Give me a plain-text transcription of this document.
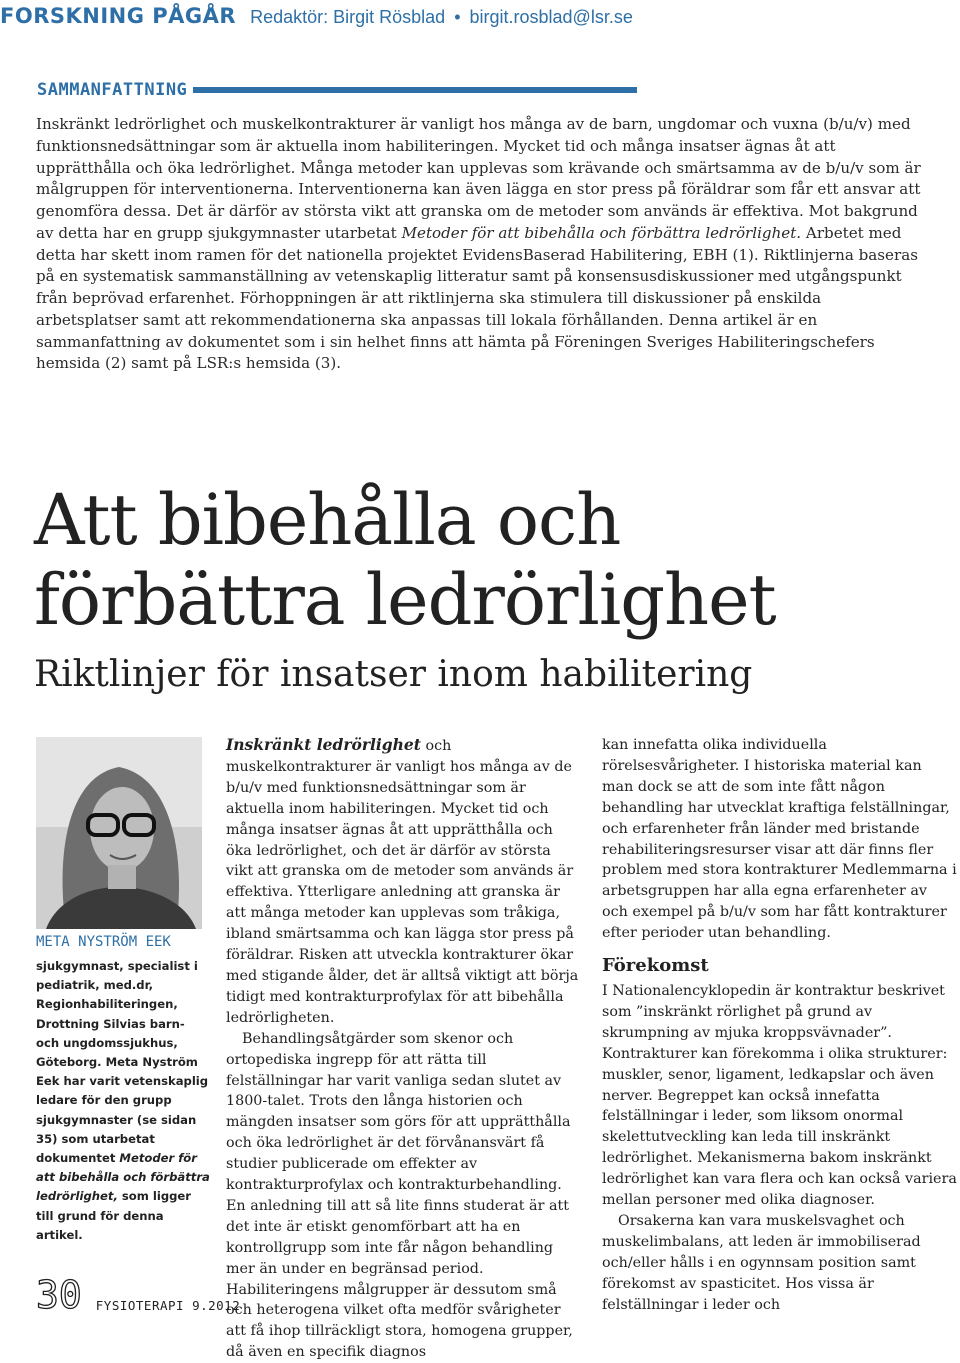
FORSKNING PÅGÅR Redaktör: Birgit Rösblad • birgit.rosblad@lsr.se
SAMMANFATTNING
Inskränkt ledrörlighet och muskelkontrakturer är vanligt hos många av de barn, ungdomar och vuxna (b/u/v) med funktionsnedsättningar som är aktuella inom habiliteringen. Mycket tid och många insatser ägnas åt att upprätthålla och öka ledrörlighet. Många metoder kan upplevas som krävande och smärtsamma av de b/u/v som är målgruppen för interventionerna. Interventionerna kan även lägga en stor press på föräldrar som får ett ansvar att genomföra dessa. Det är därför av största vikt att granska om de metoder som används är effektiva. Mot bakgrund av detta har en grupp sjukgymnaster utarbetat Metoder för att bibehålla och förbättra ledrörlighet. Arbetet med detta har skett inom ramen för det nationella projektet EvidensBaserad Habilitering, EBH (1). Riktlinjerna baseras på en systematisk sammanställning av vetenskaplig litteratur samt på konsensusdiskussioner med utgångspunkt från beprövad erfarenhet. Förhoppningen är att riktlinjerna ska stimulera till diskussioner på enskilda arbetsplatser samt att rekommendationerna ska anpassas till lokala förhållanden. Denna artikel är en sammanfattning av dokumentet som i sin helhet finns att hämta på Föreningen Sveriges Habiliteringschefers hemsida (2) samt på LSR:s hemsida (3).
Att bibehålla och
förbättra ledrörlighet
Riktlinjer för insatser inom habilitering
META NYSTRÖM EEK
sjukgymnast, specialist i pediatrik, med.dr, Regionhabiliteringen, Drottning Silvias barn- och ungdomssjukhus, Göteborg. Meta Nyström Eek har varit vetenskaplig ledare för den grupp sjukgymnaster (se sidan 35) som utarbetat dokumentet Metoder för att bibehålla och förbättra ledrörlighet, som ligger till grund för denna artikel.

Inskränkt ledrörlighet och muskelkontrakturer är vanligt hos många av de b/u/v med funktionsnedsättningar som är aktuella inom habiliteringen. Mycket tid och många insatser ägnas åt att upprätthålla och öka ledrörlighet, och det är därför av största vikt att granska om de metoder som används är effektiva. Ytterligare anledning att granska är att många metoder kan upplevas som tråkiga, ibland smärtsamma och kan lägga stor press på föräldrar. Risken att utveckla kontrakturer ökar med stigande ålder, det är alltså viktigt att börja tidigt med kontrakturprofylax för att bibehålla ledrörligheten.

Behandlingsåtgärder som skenor och ortopediska ingrepp för att rätta till felställningar har varit vanliga sedan slutet av 1800-talet. Trots den långa historien och mängden insatser som görs för att upprätthålla och öka ledrörlighet är det förvånansvärt få studier publicerade om effekter av kontrakturprofylax och kontrakturbehandling. En anledning till att så lite finns studerat är att det inte är etiskt genomförbart att ha en kontrollgrupp som inte får någon behandling mer än under en begränsad period. Habiliteringens målgrupper är dessutom små och heterogena vilket ofta medför svårigheter att få ihop tillräckligt stora, homogena grupper, då även en specifik diagnos

kan innefatta olika individuella rörelsesvårigheter. I historiska material kan man dock se att de som inte fått någon behandling har utvecklat kraftiga felställningar, och erfarenheter från länder med bristande rehabiliteringsresurser visar att där finns fler problem med stora kontrakturer Medlemmarna i arbetsgruppen har alla egna erfarenheter av och exempel på b/u/v som har fått kontrakturer efter perioder utan behandling.

Förekomst

I Nationalencyklopedin är kontraktur beskrivet som ”inskränkt rörlighet på grund av skrumpning av mjuka kroppsvävnader”. Kontrakturer kan förekomma i olika strukturer: muskler, senor, ligament, ledkapslar och även nerver. Begreppet kan också innefatta felställningar i leder, som liksom onormal skelettutveckling kan leda till inskränkt ledrörlighet. Mekanismerna bakom inskränkt ledrörlighet kan vara flera och kan också variera mellan personer med olika diagnoser.

Orsakerna kan vara muskelsvaghet och muskelimbalans, att leden är immobiliserad och/eller hålls i en ogynnsam position samt förekomst av spasticitet. Hos vissa är felställningar i leder och

30 FYSIOTERAPI 9.2012
